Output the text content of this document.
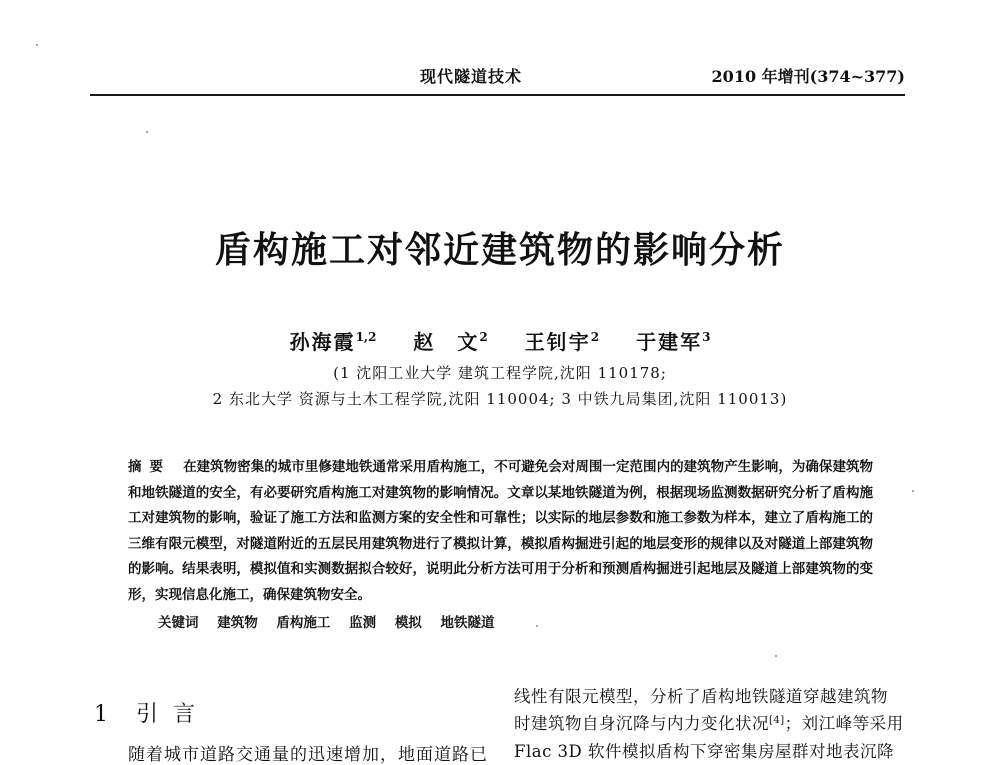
现代隧道技术	2010 年增刊(374~377)
盾构施工对邻近建筑物的影响分析
孙海霞$^{1,2}$ 赵　文$^2$ 王钊宇$^2$ 于建军$^3$
(1 沈阳工业大学 建筑工程学院,沈阳 110178;
2 东北大学 资源与土木工程学院,沈阳 110004; 3 中铁九局集团,沈阳 110013)
摘要 在建筑物密集的城市里修建地铁通常采用盾构施工，不可避免会对周围一定范围内的建筑物产生影响，为确保建筑物和地铁隧道的安全，有必要研究盾构施工对建筑物的影响情况。文章以某地铁隧道为例，根据现场监测数据研究分析了盾构施工对建筑物的影响，验证了施工方法和监测方案的安全性和可靠性；以实际的地层参数和施工参数为样本，建立了盾构施工的三维有限元模型，对隧道附近的五层民用建筑物进行了模拟计算，模拟盾构掘进引起的地层变形的规律以及对隧道上部建筑物的影响。结果表明，模拟值和实测数据拟合较好，说明此分析方法可用于分析和预测盾构掘进引起地层及隧道上部建筑物的变形，实现信息化施工，确保建筑物安全。
关键词 建筑物 盾构施工 监测 模拟 地铁隧道
1 引 言
随着城市道路交通量的迅速增加，地面道路已
线性有限元模型，分析了盾构地铁隧道穿越建筑物
时建筑物自身沉降与内力变化状况[4]；刘江峰等采用
Flac 3D 软件模拟盾构下穿密集房屋群对地表沉降
